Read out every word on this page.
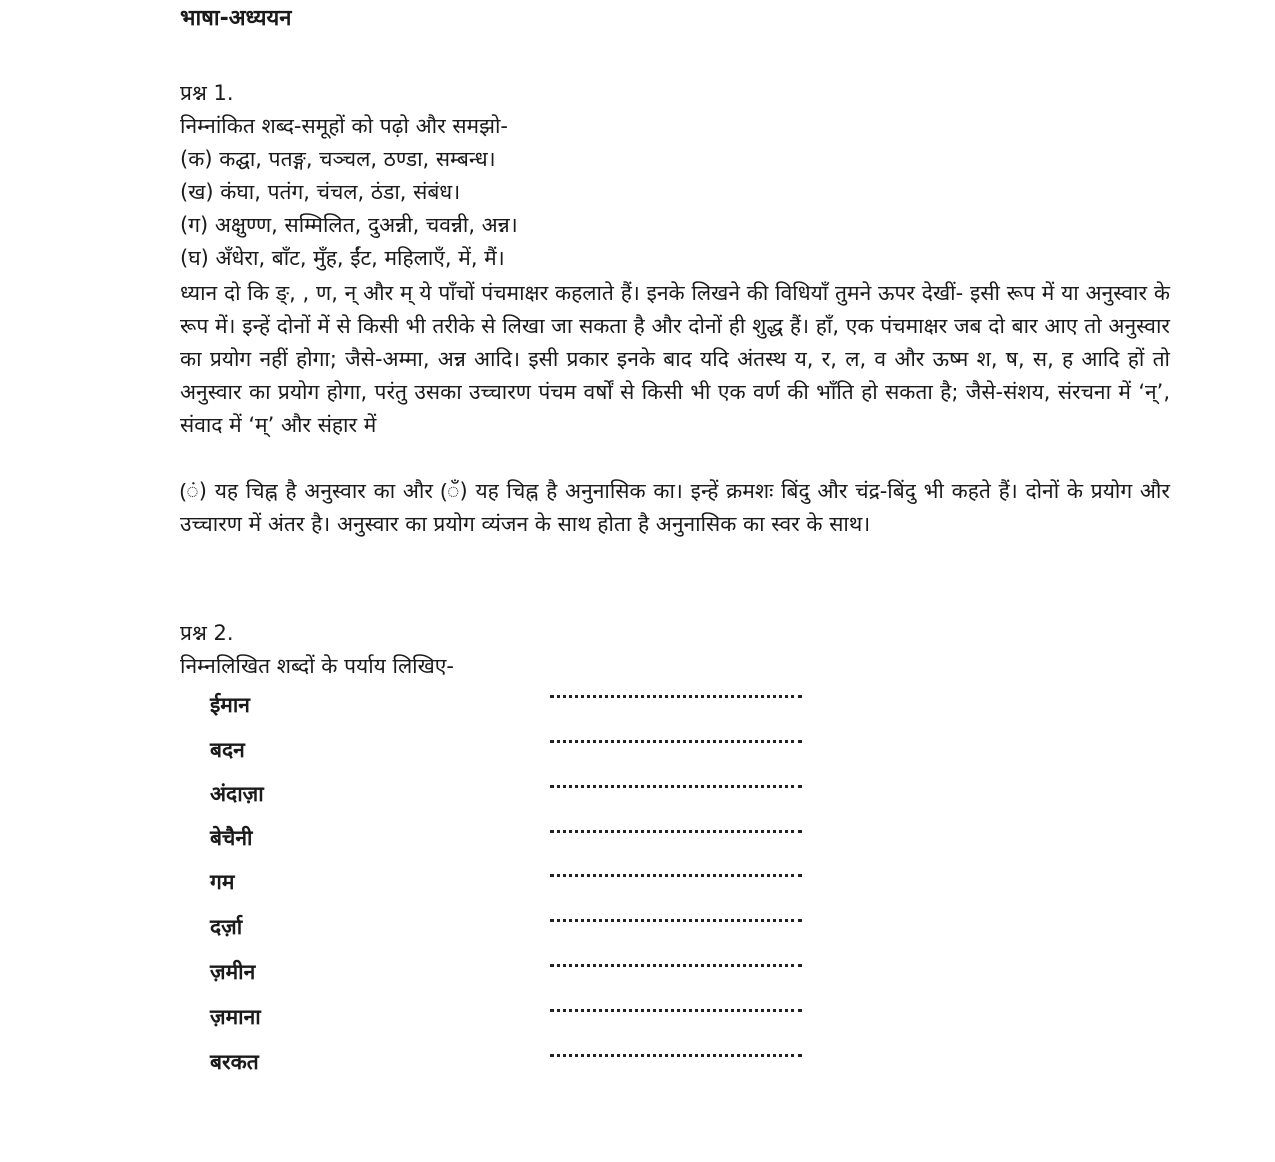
भाषा-अध्ययन
प्रश्न 1.
निम्नांकित शब्द-समूहों को पढ़ो और समझो-
(क) कद्घा, पतङ्ग, चञ्चल, ठण्डा, सम्बन्ध।
(ख) कंघा, पतंग, चंचल, ठंडा, संबंध।
(ग) अक्षुण्ण, सम्मिलित, दुअन्नी, चवन्नी, अन्न।
(घ) अँधेरा, बाँट, मुँह, ईंट, महिलाएँ, में, मैं।
ध्यान दो कि ङ्, , ण, न् और म् ये पाँचों पंचमाक्षर कहलाते हैं। इनके लिखने की विधियाँ तुमने ऊपर देखीं- इसी रूप में या अनुस्वार के रूप में। इन्हें दोनों में से किसी भी तरीके से लिखा जा सकता है और दोनों ही शुद्ध हैं। हाँ, एक पंचमाक्षर जब दो बार आए तो अनुस्वार का प्रयोग नहीं होगा; जैसे-अम्मा, अन्न आदि। इसी प्रकार इनके बाद यदि अंतस्थ य, र, ल, व और ऊष्म श, ष, स, ह आदि हों तो अनुस्वार का प्रयोग होगा, परंतु उसका उच्चारण पंचम वर्षों से किसी भी एक वर्ण की भाँति हो सकता है; जैसे-संशय, संरचना में ‘न्’, संवाद में ‘म्’ और संहार में
(ं) यह चिह्न है अनुस्वार का और (ँ) यह चिह्न है अनुनासिक का। इन्हें क्रमशः बिंदु और चंद्र-बिंदु भी कहते हैं। दोनों के प्रयोग और उच्चारण में अंतर है। अनुस्वार का प्रयोग व्यंजन के साथ होता है अनुनासिक का स्वर के साथ।
प्रश्न 2.
निम्नलिखित शब्दों के पर्याय लिखिए-
ईमान
बदन
अंदाज़ा
बेचैनी
गम
दर्ज़ा
ज़मीन
ज़माना
बरकत
